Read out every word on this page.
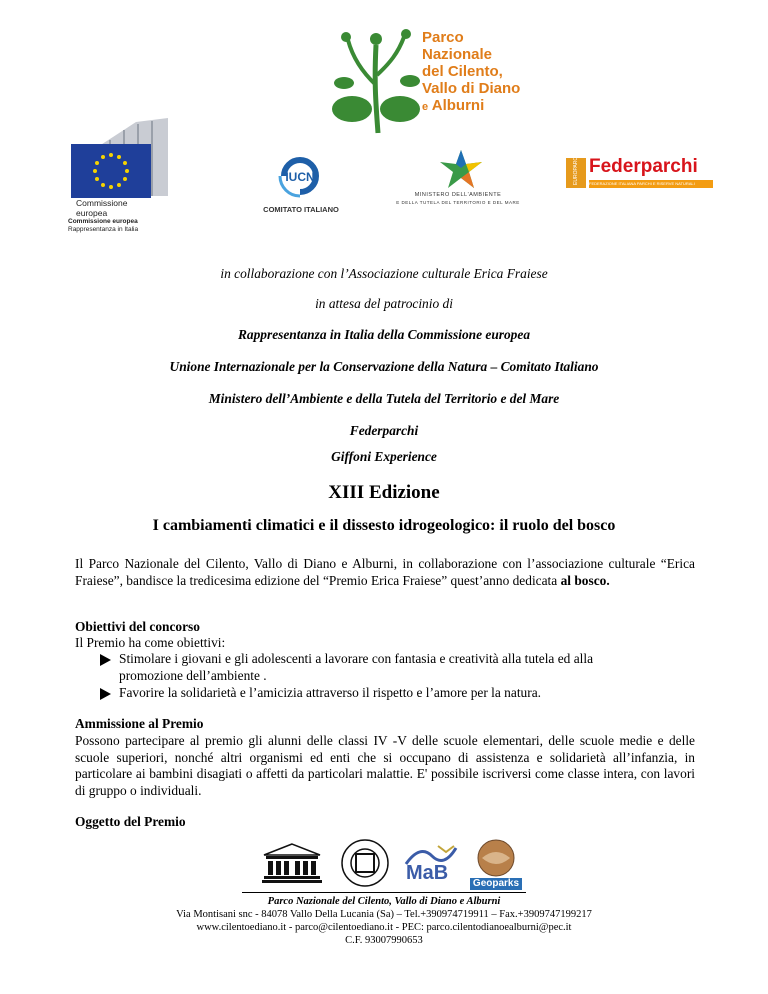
Parco Nazionale
del Cilento,
Vallo di Diano
e Alburni
Commissione
europea
Commissione europea
Rappresentanza in Italia
IUCN
COMITATO ITALIANO
MINISTERO DELL'AMBIENTE
E DELLA TUTELA DEL TERRITORIO E DEL MARE
EUROPARC Federparchi
FEDERAZIONE ITALIANA PARCHI E RISERVE NATURALI
in collaborazione con l’Associazione culturale Erica Fraiese
in attesa del patrocinio di
Rappresentanza in Italia della Commissione europea
Unione Internazionale per la Conservazione della Natura – Comitato Italiano
Ministero dell’Ambiente e della Tutela del Territorio e del Mare
Federparchi
Giffoni Experience
XIII Edizione
I cambiamenti climatici e il dissesto idrogeologico: il ruolo del bosco
Il Parco Nazionale del Cilento, Vallo di Diano e Alburni, in collaborazione con l’associazione culturale “Erica Fraiese”, bandisce la tredicesima edizione del “Premio Erica Fraiese” quest’anno dedicata al bosco.
Obiettivi del concorso
Il Premio ha come obiettivi:
Stimolare i giovani e gli adolescenti a lavorare con fantasia e creatività alla tutela ed alla
promozione dell’ambiente .
Favorire la solidarietà e l’amicizia attraverso il rispetto e l’amore per la natura.
Ammissione al Premio
Possono partecipare al premio gli alunni delle classi IV -V delle scuole elementari, delle scuole medie e delle scuole superiori, nonché altri organismi ed enti che si occupano di assistenza e solidarietà all’infanzia, in particolare ai bambini disagiati o affetti da particolari malattie. E' possibile iscriversi come classe intera, con lavori di gruppo o individuali.
Oggetto del Premio
MaB Geoparks
Parco Nazionale del Cilento, Vallo di Diano e Alburni
Via Montisani snc - 84078 Vallo Della Lucania (Sa) – Tel.+390974719911 – Fax.+3909747199217
www.cilentoediano.it - parco@cilentoediano.it - PEC: parco.cilentodianoealburni@pec.it
C.F. 93007990653
